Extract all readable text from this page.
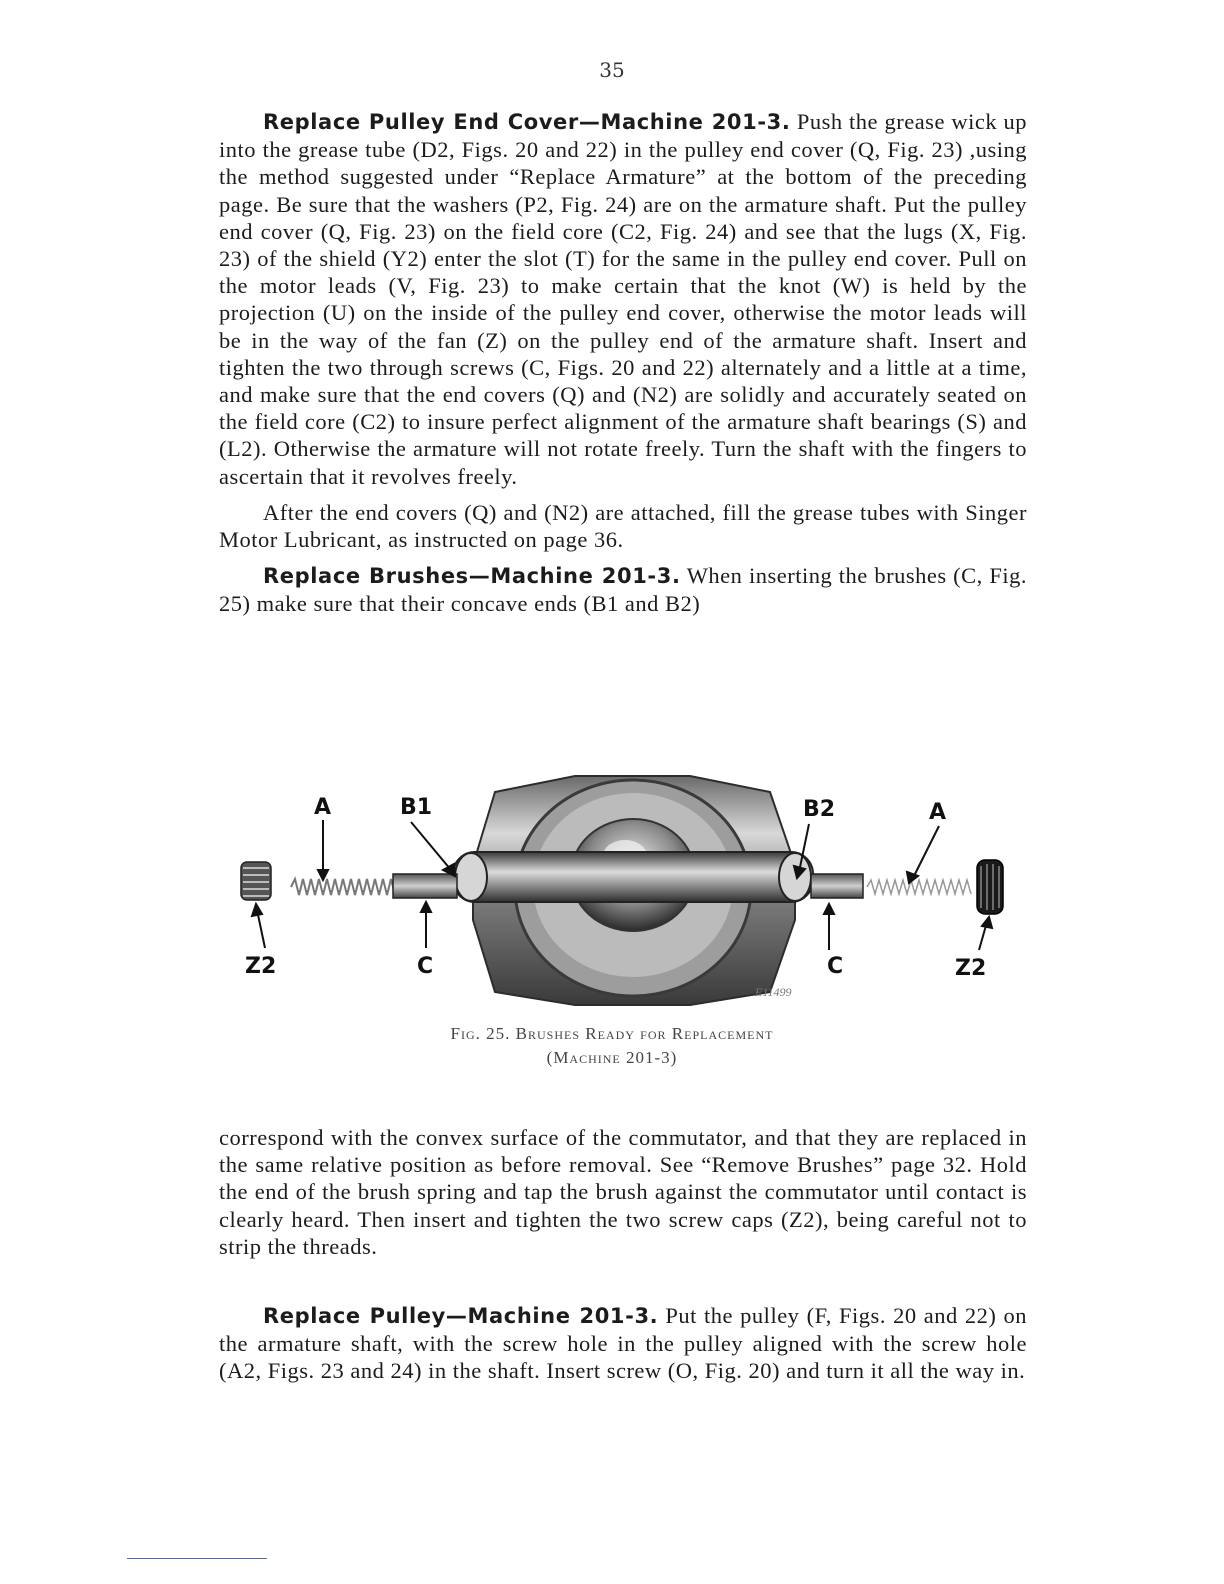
35

Replace Pulley End Cover—Machine 201-3. Push the grease wick up into the grease tube (D2, Figs. 20 and 22) in the pulley end cover (Q, Fig. 23) ,using the method suggested under “Replace Armature” at the bottom of the preceding page. Be sure that the washers (P2, Fig. 24) are on the armature shaft. Put the pulley end cover (Q, Fig. 23) on the field core (C2, Fig. 24) and see that the lugs (X, Fig. 23) of the shield (Y2) enter the slot (T) for the same in the pulley end cover. Pull on the motor leads (V, Fig. 23) to make certain that the knot (W) is held by the projection (U) on the inside of the pulley end cover, otherwise the motor leads will be in the way of the fan (Z) on the pulley end of the armature shaft. Insert and tighten the two through screws (C, Figs. 20 and 22) alternately and a little at a time, and make sure that the end covers (Q) and (N2) are solidly and accurately seated on the field core (C2) to insure perfect alignment of the armature shaft bearings (S) and (L2). Otherwise the armature will not rotate freely. Turn the shaft with the fingers to ascertain that it revolves freely.

After the end covers (Q) and (N2) are attached, fill the grease tubes with Singer Motor Lubricant, as instructed on page 36.

Replace Brushes—Machine 201-3. When inserting the brushes (C, Fig. 25) make sure that their concave ends (B1 and B2)

E11499
A	B1	B2	A
Z2	C	C	Z2
Fig. 25. Brushes Ready for Replacement
(Machine 201-3)

correspond with the convex surface of the commutator, and that they are replaced in the same relative position as before removal. See “Remove Brushes” page 32. Hold the end of the brush spring and tap the brush against the commutator until contact is clearly heard. Then insert and tighten the two screw caps (Z2), being careful not to strip the threads.

Replace Pulley—Machine 201-3. Put the pulley (F, Figs. 20 and 22) on the armature shaft, with the screw hole in the pulley aligned with the screw hole (A2, Figs. 23 and 24) in the shaft. Insert screw (O, Fig. 20) and turn it all the way in.
